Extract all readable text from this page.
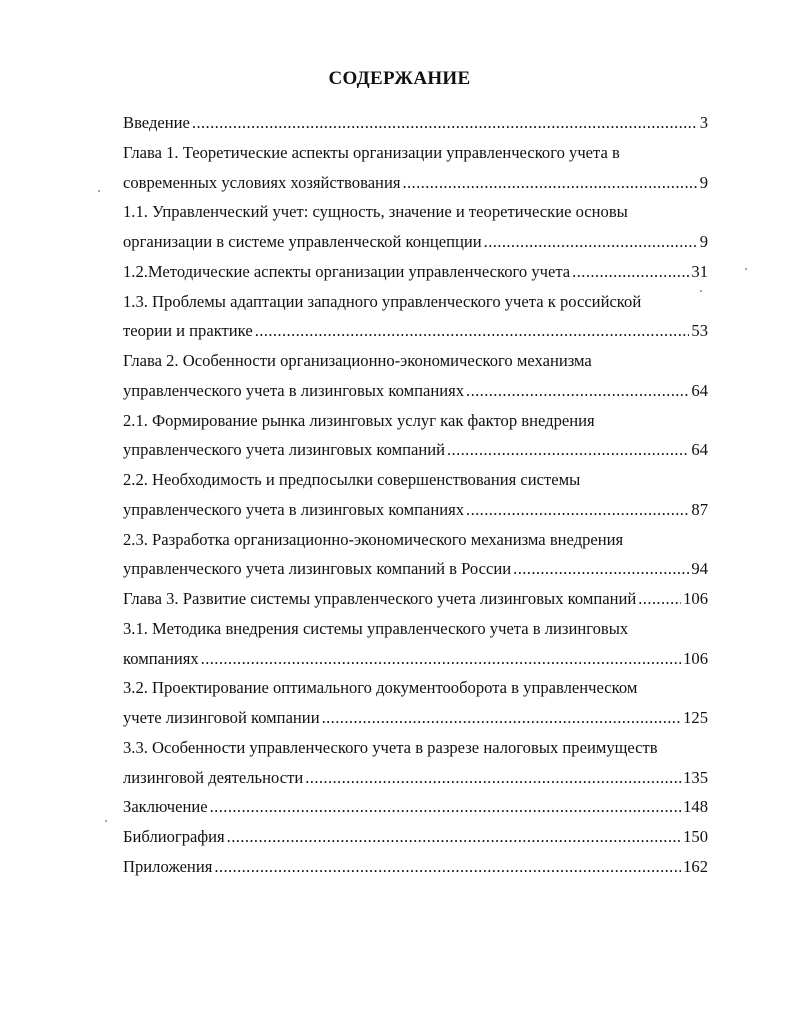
СОДЕРЖАНИЕ
Введение .....	3
Глава 1. Теоретические аспекты организации управленческого учета в
современных условиях хозяйствования .....	9
1.1. Управленческий учет: сущность, значение и теоретические основы
организации в системе управленческой концепции .....	9
1.2.Методические аспекты организации управленческого учета .....	31
1.3. Проблемы адаптации западного управленческого учета к российской
теории и практике .....	53
Глава 2. Особенности организационно-экономического механизма
управленческого учета в лизинговых компаниях .....	64
2.1. Формирование рынка лизинговых услуг как фактор внедрения
управленческого учета лизинговых компаний .....	64
2.2. Необходимость и предпосылки совершенствования системы
управленческого учета в лизинговых компаниях .....	87
2.3. Разработка организационно-экономического механизма внедрения
управленческого учета лизинговых компаний в России .....	94
Глава 3. Развитие системы управленческого учета лизинговых компаний .....	106
3.1. Методика внедрения системы управленческого учета в лизинговых
компаниях .....	106
3.2. Проектирование оптимального документооборота в управленческом
учете лизинговой компании .....	125
3.3. Особенности управленческого учета в разрезе налоговых преимуществ
лизинговой деятельности .....	135
Заключение .....	148
Библиография .....	150
Приложения .....	162
